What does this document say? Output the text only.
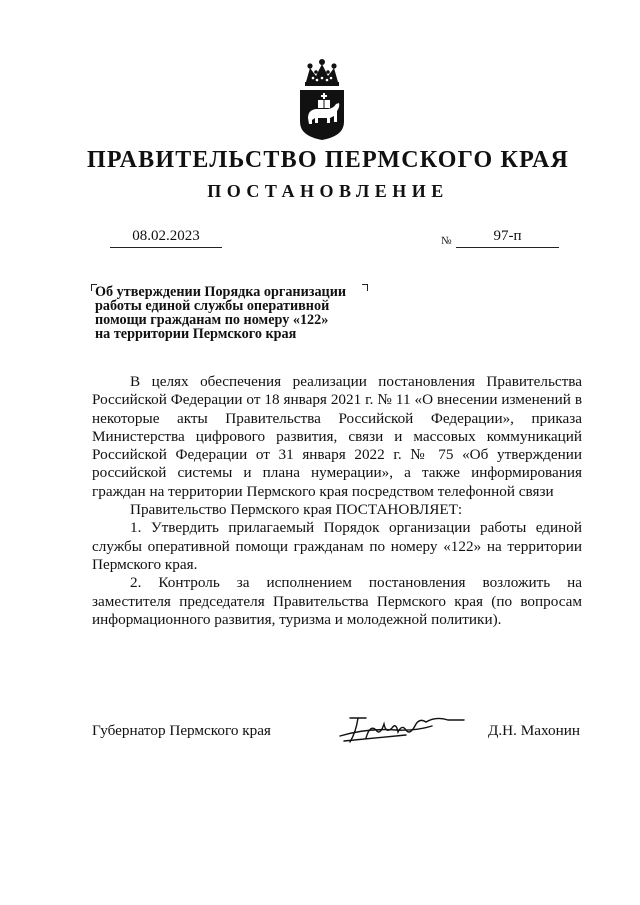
ПРАВИТЕЛЬСТВО ПЕРМСКОГО КРАЯ
ПОСТАНОВЛЕНИЕ
08.02.2023	№	97-п
Об утверждении Порядка организации
работы единой службы оперативной
помощи гражданам по номеру «122»
на территории Пермского края

В целях обеспечения реализации постановления Правительства Российской Федерации от 18 января 2021 г. № 11 «О внесении изменений в некоторые акты Правительства Российской Федерации», приказа Министерства цифрового развития, связи и массовых коммуникаций Российской Федерации от 31 января 2022 г. № 75 «Об утверждении российской системы и плана нумерации», а также информирования граждан на территории Пермского края посредством телефонной связи

Правительство Пермского края ПОСТАНОВЛЯЕТ:

1. Утвердить прилагаемый Порядок организации работы единой службы оперативной помощи гражданам по номеру «122» на территории Пермского края.

2. Контроль за исполнением постановления возложить на заместителя председателя Правительства Пермского края (по вопросам информационного развития, туризма и молодежной политики).

Губернатор Пермского края	Д.Н. Махонин
